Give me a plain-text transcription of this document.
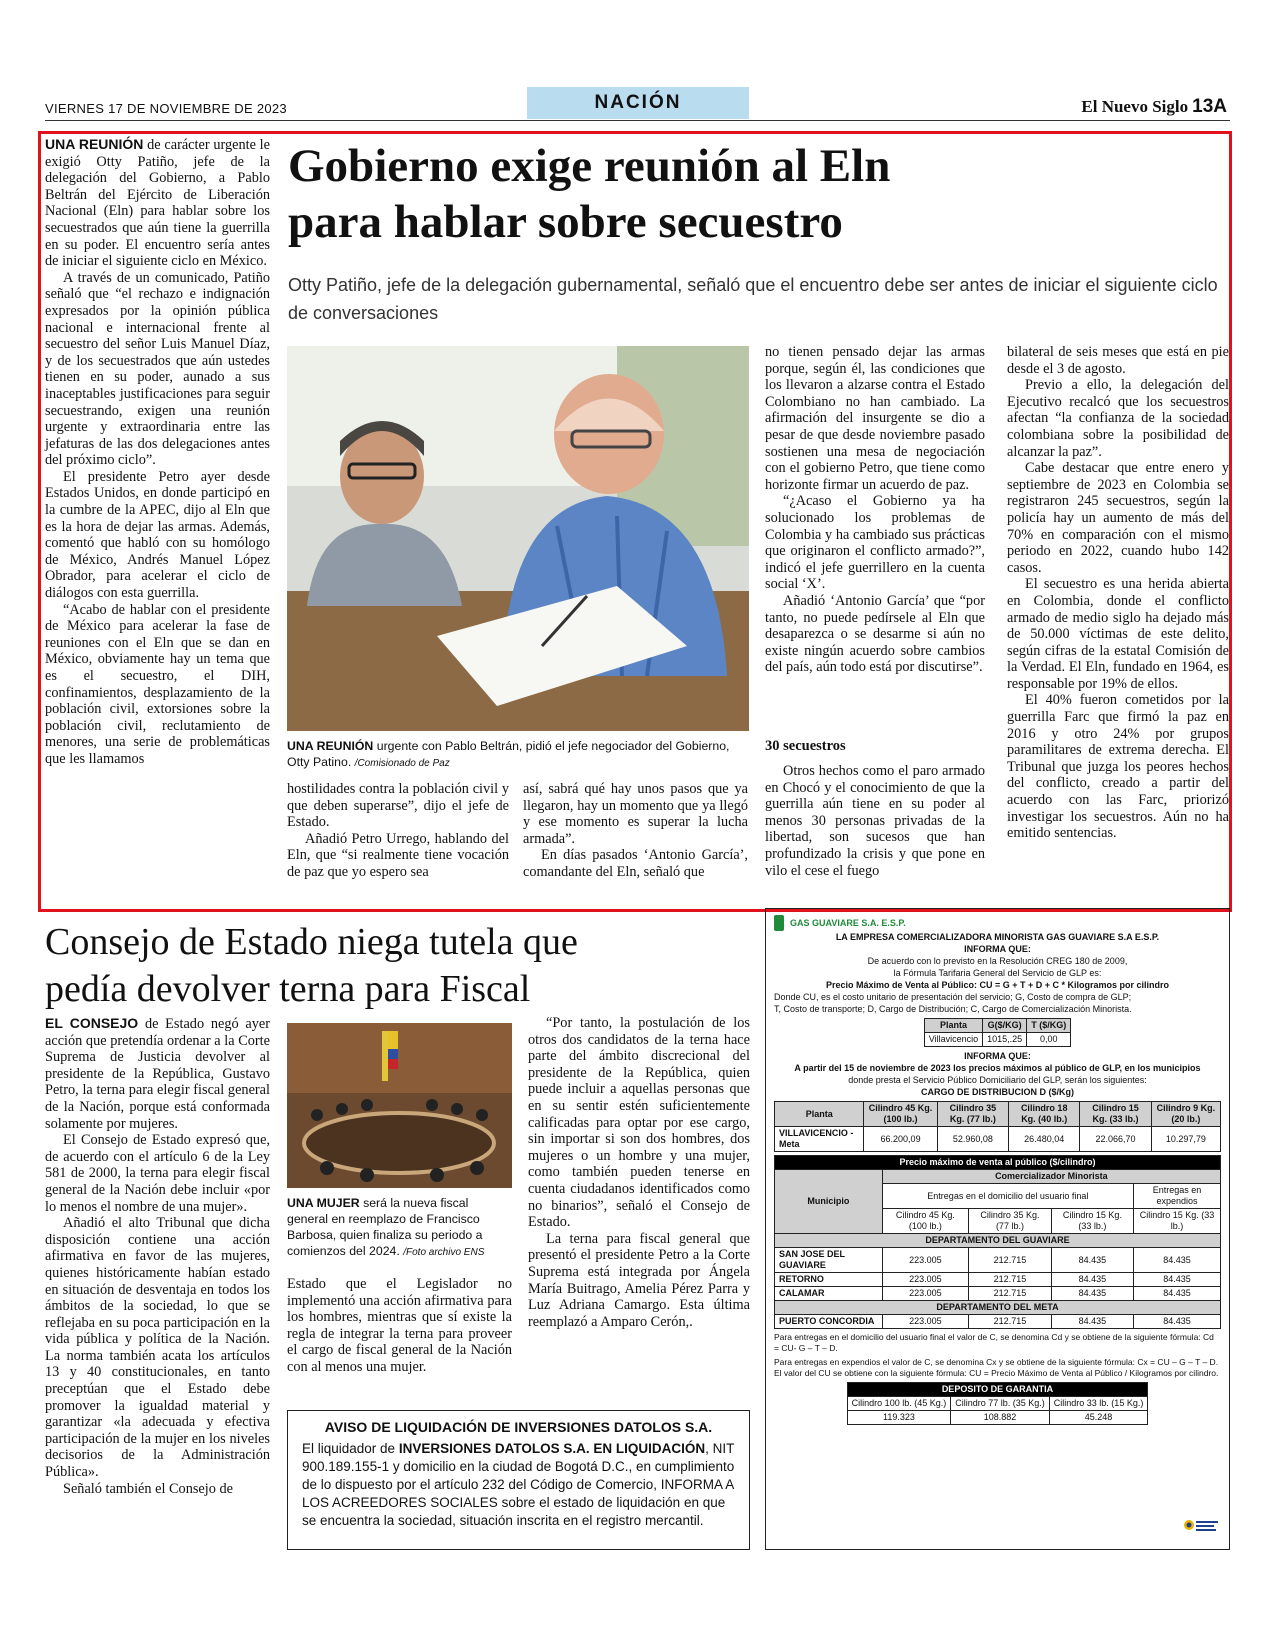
VIERNES 17 DE NOVIEMBRE DE 2023	NACIÓN	El Nuevo Siglo 13A

UNA REUNIÓN de carácter urgente le exigió Otty Patiño, jefe de la delegación del Gobierno, a Pablo Beltrán del Ejército de Liberación Nacional (Eln) para hablar sobre los secuestrados que aún tiene la guerrilla en su poder. El encuentro sería antes de iniciar el siguiente ciclo en México.

A través de un comunicado, Patiño señaló que “el rechazo e indignación expresados por la opinión pública nacional e internacional frente al secuestro del señor Luis Manuel Díaz, y de los secuestrados que aún ustedes tienen en su poder, aunado a sus inaceptables justificaciones para seguir secuestrando, exigen una reunión urgente y extraordinaria entre las jefaturas de las dos delegaciones antes del próximo ciclo”.

El presidente Petro ayer desde Estados Unidos, en donde participó en la cumbre de la APEC, dijo al Eln que es la hora de dejar las armas. Además, comentó que habló con su homólogo de México, Andrés Manuel López Obrador, para acelerar el ciclo de diálogos con esta guerrilla.

“Acabo de hablar con el presidente de México para acelerar la fase de reuniones con el Eln que se dan en México, obviamente hay un tema que es el secuestro, el DIH, confinamientos, desplazamiento de la población civil, extorsiones sobre la población civil, reclutamiento de menores, una serie de problemáticas que les llamamos

Gobierno exige reunión al Eln
para hablar sobre secuestro
Otty Patiño, jefe de la delegación gubernamental, señaló que el encuentro debe ser antes de iniciar el siguiente ciclo de conversaciones
UNA REUNIÓN urgente con Pablo Beltrán, pidió el jefe negociador del Gobierno, Otty Patino. /Comisionado de Paz

hostilidades contra la población civil y que deben superarse”, dijo el jefe de Estado.

Añadió Petro Urrego, hablando del Eln, que “si realmente tiene vocación de paz que yo espero sea

así, sabrá qué hay unos pasos que ya llegaron, hay un momento que ya llegó y ese momento es superar la lucha armada”.

En días pasados ‘Antonio García’, comandante del Eln, señaló que

no tienen pensado dejar las armas porque, según él, las condiciones que los llevaron a alzarse contra el Estado Colombiano no han cambiado. La afirmación del insurgente se dio a pesar de que desde noviembre pasado sostienen una mesa de negociación con el gobierno Petro, que tiene como horizonte firmar un acuerdo de paz.

“¿Acaso el Gobierno ya ha solucionado los problemas de Colombia y ha cambiado sus prácticas que originaron el conflicto armado?”, indicó el jefe guerrillero en la cuenta social ‘X’.

Añadió ‘Antonio García’ que “por tanto, no puede pedírsele al Eln que desaparezca o se desarme si aún no existe ningún acuerdo sobre cambios del país, aún todo está por discutirse”.

30 secuestros

Otros hechos como el paro armado en Chocó y el conocimiento de que la guerrilla aún tiene en su poder al menos 30 personas privadas de la libertad, son sucesos que han profundizado la crisis y que pone en vilo el cese el fuego

bilateral de seis meses que está en pie desde el 3 de agosto.

Previo a ello, la delegación del Ejecutivo recalcó que los secuestros afectan “la confianza de la sociedad colombiana sobre la posibilidad de alcanzar la paz”.

Cabe destacar que entre enero y septiembre de 2023 en Colombia se registraron 245 secuestros, según la policía hay un aumento de más del 70% en comparación con el mismo periodo en 2022, cuando hubo 142 casos.

El secuestro es una herida abierta en Colombia, donde el conflicto armado de medio siglo ha dejado más de 50.000 víctimas de este delito, según cifras de la estatal Comisión de la Verdad. El Eln, fundado en 1964, es responsable por 19% de ellos.

El 40% fueron cometidos por la guerrilla Farc que firmó la paz en 2016 y otro 24% por grupos paramilitares de extrema derecha. El Tribunal que juzga los peores hechos del conflicto, creado a partir del acuerdo con las Farc, priorizó investigar los secuestros. Aún no ha emitido sentencias.

Consejo de Estado niega tutela que
pedía devolver terna para Fiscal

EL CONSEJO de Estado negó ayer acción que pretendía ordenar a la Corte Suprema de Justicia devolver al presidente de la República, Gustavo Petro, la terna para elegir fiscal general de la Nación, porque está conformada solamente por mujeres.

El Consejo de Estado expresó que, de acuerdo con el artículo 6 de la Ley 581 de 2000, la terna para elegir fiscal general de la Nación debe incluir «por lo menos el nombre de una mujer».

Añadió el alto Tribunal que dicha disposición contiene una acción afirmativa en favor de las mujeres, quienes históricamente habían estado en situación de desventaja en todos los ámbitos de la sociedad, lo que se reflejaba en su poca participación en la vida pública y política de la Nación. La norma también acata los artículos 13 y 40 constitucionales, en tanto preceptúan que el Estado debe promover la igualdad material y garantizar «la adecuada y efectiva participación de la mujer en los niveles decisorios de la Administración Pública».

Señaló también el Consejo de

UNA MUJER será la nueva fiscal general en reemplazo de Francisco Barbosa, quien finaliza su periodo a comienzos del 2024. /Foto archivo ENS

Estado que el Legislador no implementó una acción afirmativa para los hombres, mientras que sí existe la regla de integrar la terna para proveer el cargo de fiscal general de la Nación con al menos una mujer.

“Por tanto, la postulación de los otros dos candidatos de la terna hace parte del ámbito discrecional del presidente de la República, quien puede incluir a aquellas personas que en su sentir estén suficientemente calificadas para optar por ese cargo, sin importar si son dos hombres, dos mujeres o un hombre y una mujer, como también pueden tenerse en cuenta ciudadanos identificados como no binarios”, señaló el Consejo de Estado.

La terna para fiscal general que presentó el presidente Petro a la Corte Suprema está integrada por Ángela María Buitrago, Amelia Pérez Parra y Luz Adriana Camargo. Esta última reemplazó a Amparo Cerón,.

AVISO DE LIQUIDACIÓN DE INVERSIONES DATOLOS S.A.
El liquidador de INVERSIONES DATOLOS S.A. EN LIQUIDACIÓN, NIT 900.189.155-1 y domicilio en la ciudad de Bogotá D.C., en cumplimiento de lo dispuesto por el artículo 232 del Código de Comercio, INFORMA A LOS ACREEDORES SOCIALES sobre el estado de liquidación en que se encuentra la sociedad, situación inscrita en el registro mercantil.
GAS GUAVIARE S.A. E.S.P.
LA EMPRESA COMERCIALIZADORA MINORISTA GAS GUAVIARE S.A E.S.P.
INFORMA QUE:
De acuerdo con lo previsto en la Resolución CREG 180 de 2009,
la Fórmula Tarifaria General del Servicio de GLP es:
Precio Máximo de Venta al Público: CU = G + T + D + C * Kilogramos por cilindro
Donde CU, es el costo unitario de presentación del servicio; G, Costo de compra de GLP;
T, Costo de transporte; D, Cargo de Distribución; C, Cargo de Comercialización Minorista.
Planta	G($/KG)	T ($/KG)
Villavicencio	1015,.25	0,00
INFORMA QUE:
A partir del 15 de noviembre de 2023 los precios máximos al público de GLP, en los municipios
donde presta el Servicio Público Domiciliario del GLP, serán los siguientes:
CARGO DE DISTRIBUCION D ($/Kg)
Planta	Cilindro 45 Kg. (100 lb.)	Cilindro 35 Kg. (77 lb.)	Cilindro 18 Kg. (40 lb.)	Cilindro 15 Kg. (33 lb.)	Cilindro 9 Kg. (20 lb.)
VILLAVICENCIO - Meta	66.200,09	52.960,08	26.480,04	22.066,70	10.297,79
Precio máximo de venta al público ($/cilindro)				
Municipio	Comercializador Minorista			
	Entregas en el domicilio del usuario final			Entregas en expendios
	Cilindro 45 Kg. (100 lb.)	Cilindro 35 Kg. (77 lb.)	Cilindro 15 Kg. (33 lb.)	Cilindro 15 Kg. (33 lb.)
DEPARTAMENTO DEL GUAVIARE				
SAN JOSE DEL GUAVIARE	223.005	212.715	84.435	84.435
RETORNO	223.005	212.715	84.435	84.435
CALAMAR	223.005	212.715	84.435	84.435
DEPARTAMENTO DEL META				
PUERTO CONCORDIA	223.005	212.715	84.435	84.435
Para entregas en el domicilio del usuario final el valor de C, se denomina Cd y se obtiene de la siguiente fórmula: Cd = CU- G – T – D.
Para entregas en expendios el valor de C, se denomina Cx y se obtiene de la siguiente fórmula: Cx = CU – G – T – D. El valor del CU se obtiene con la siguiente fórmula: CU = Precio Máximo de Venta al Público / Kilogramos por cilindro.
DEPOSITO DE GARANTIA		
Cilindro 100 lb. (45 Kg.)	Cilindro 77 lb. (35 Kg.)	Cilindro 33 lb. (15 Kg.)
119.323	108.882	45.248
